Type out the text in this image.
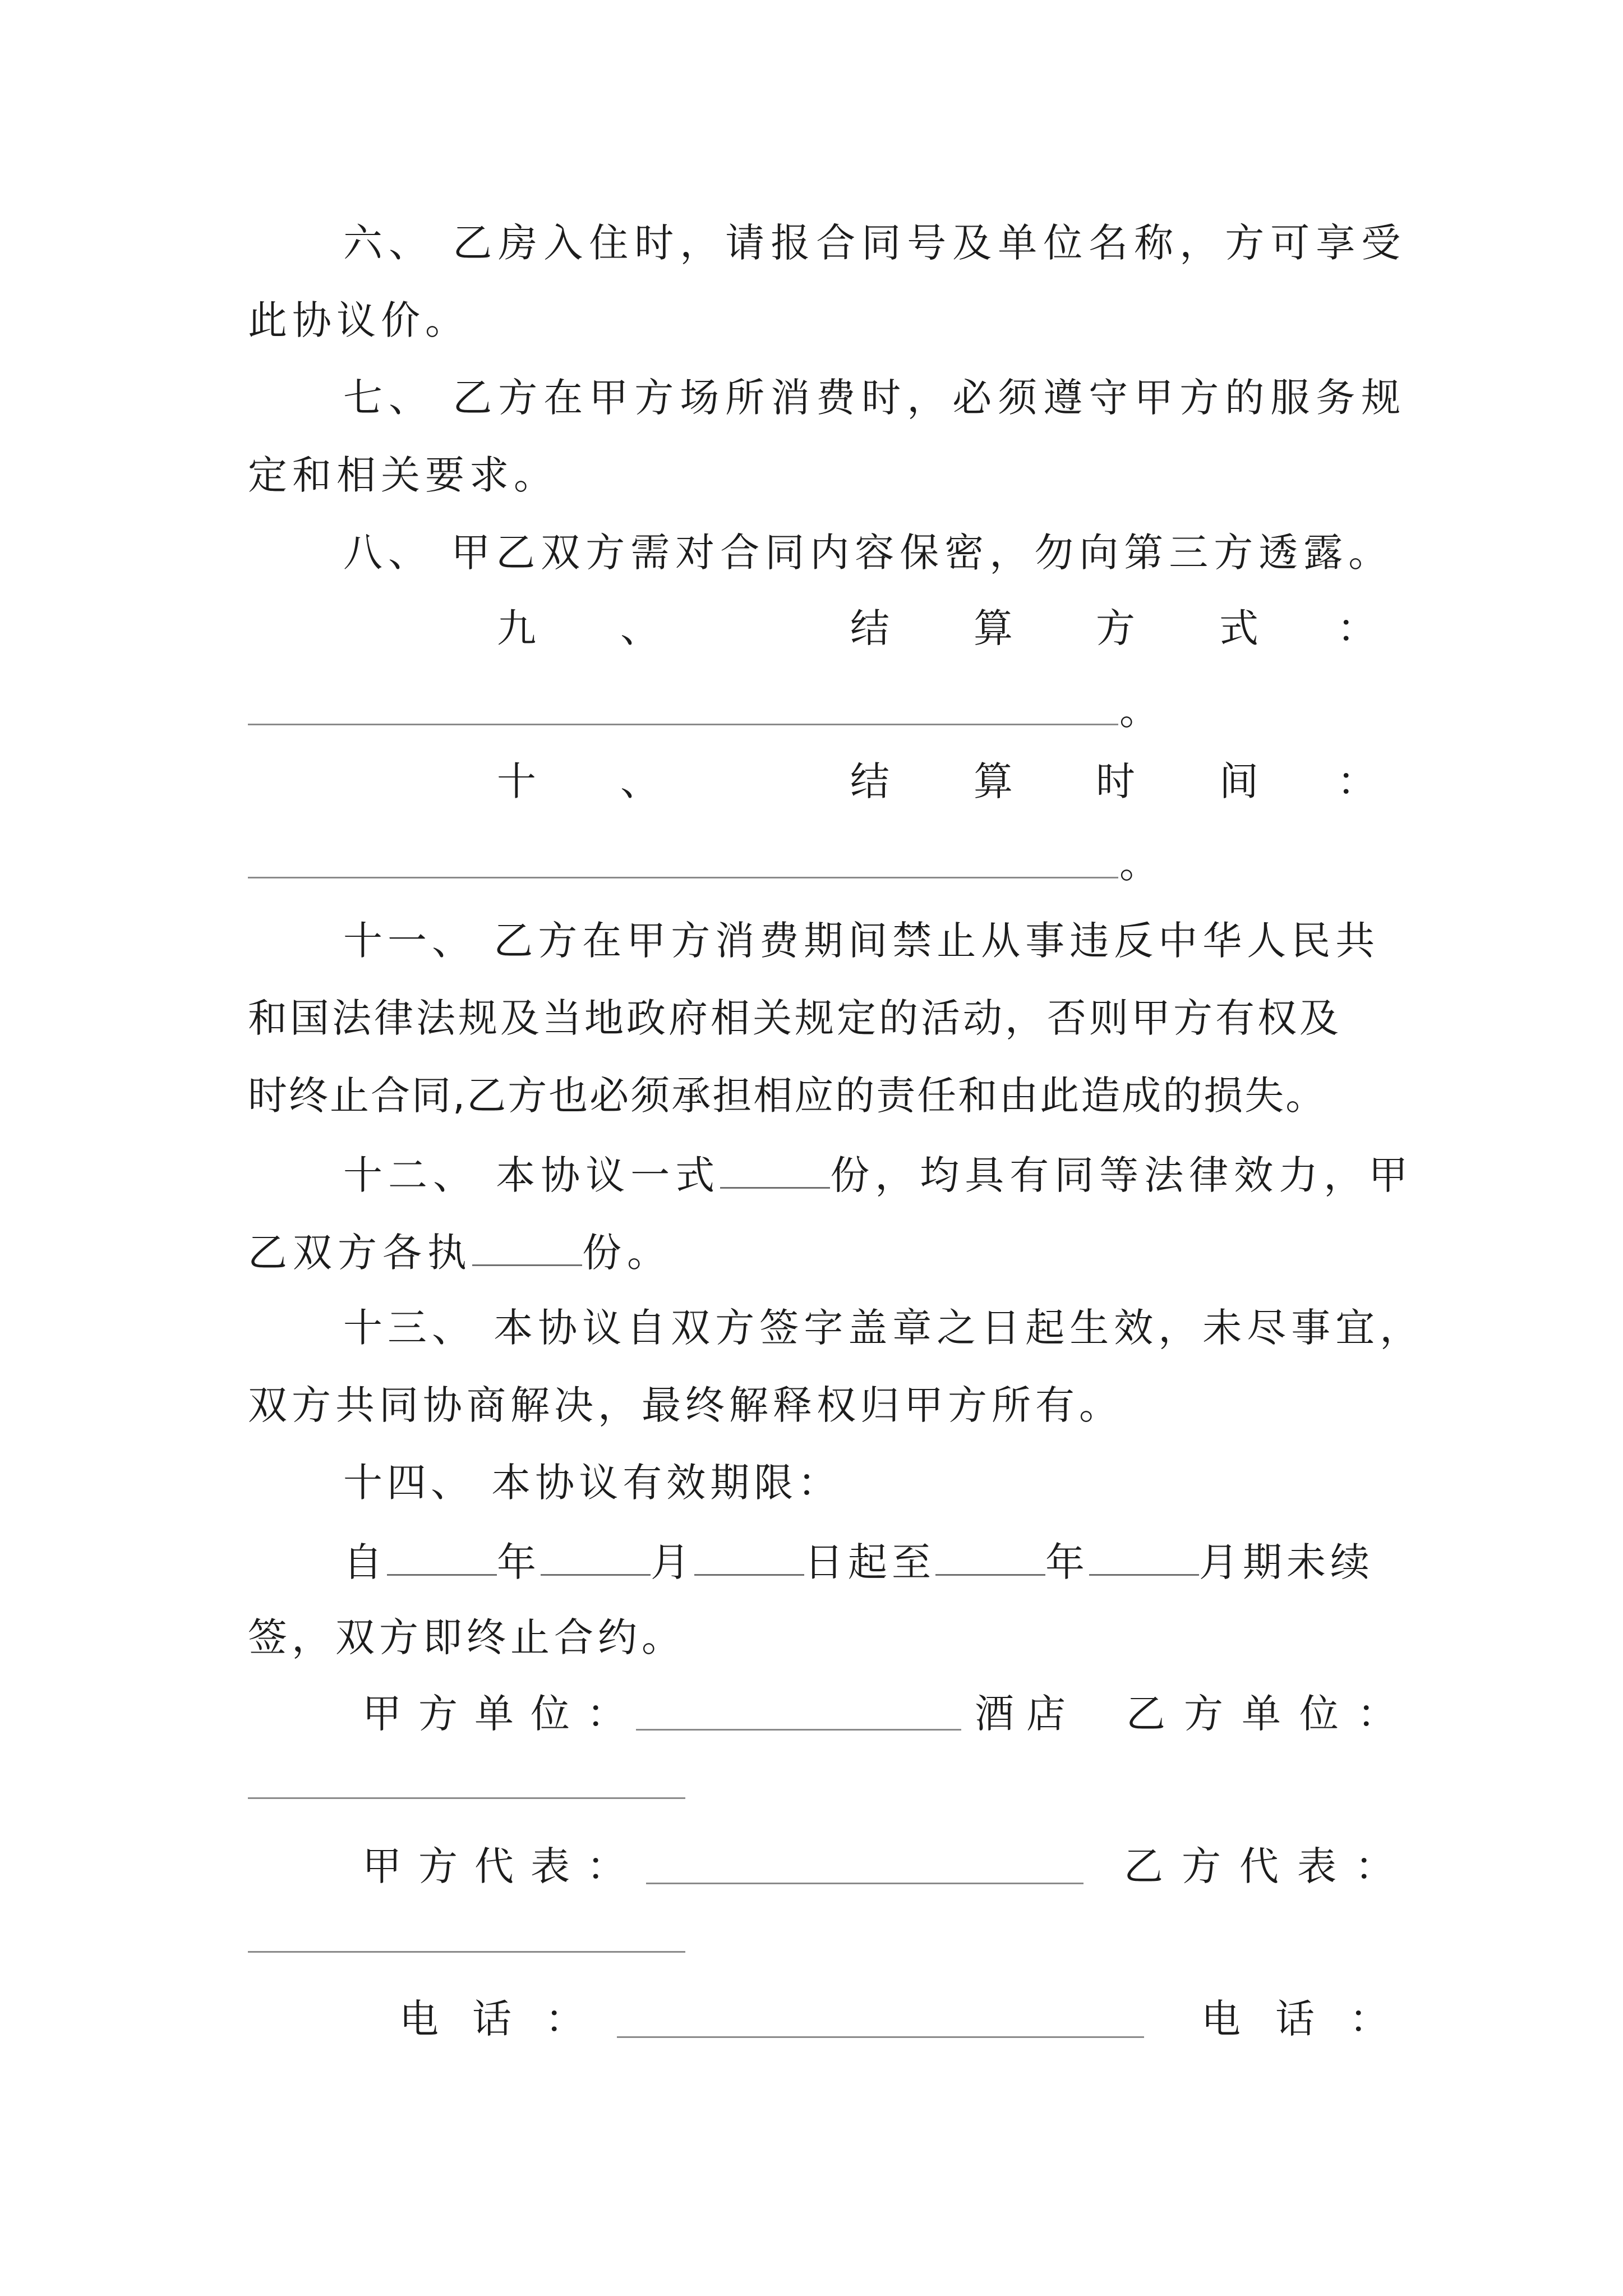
六、 乙房入住时，请报合同号及单位名称，方可享受
此协议价。
七、 乙方在甲方场所消费时，必须遵守甲方的服务规
定和相关要求。
八、 甲乙双方需对合同内容保密，勿向第三方透露。
九 、	结 算 方 式 ：
。
十 、	结 算 时 间 ：
。
十一、 乙方在甲方消费期间禁止从事违反中华人民共
和国法律法规及当地政府相关规定的活动，否则甲方有权及
时终止合同,乙方也必须承担相应的责任和由此造成的损失。
十二、 本协议一式	份，均具有同等法律效力，甲
乙双方各执	份。
十三、 本协议自双方签字盖章之日起生效，未尽事宜，
双方共同协商解决，最终解释权归甲方所有。
十四、 本协议有效期限：
自	年	月	日起至	年	月期未续
签，双方即终止合约。
甲方单位：	酒店 乙方单位：
甲方代表：	乙方代表：
电话：	电话：
